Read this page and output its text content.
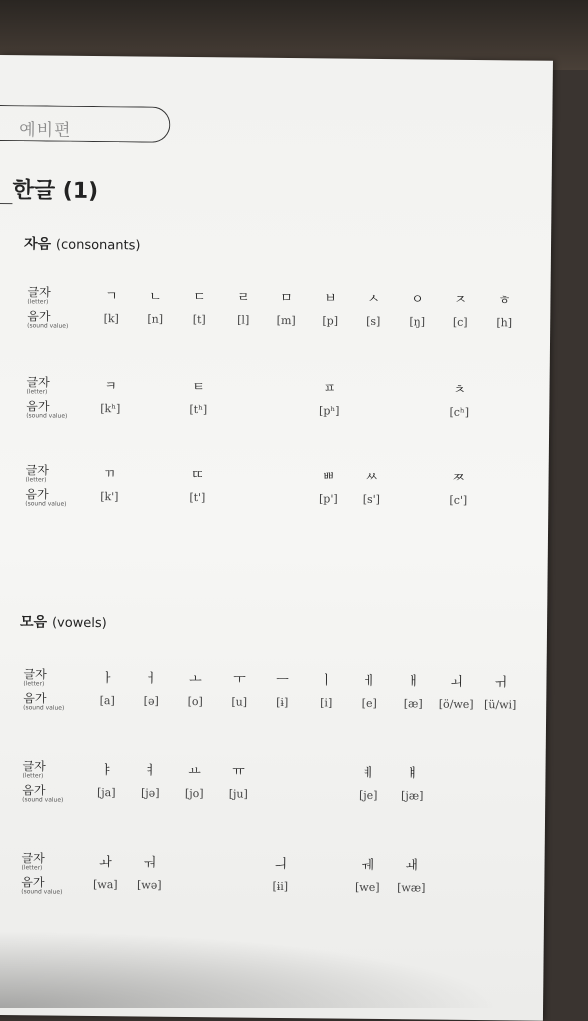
예비편
한글 (1)
자음 (consonants)
모음 (vowels)
글자
(letter)
음가
(sound value)
ㄱ	ㄴ	ㄷ	ㄹ	ㅁ	ㅂ	ㅅ	ㅇ	ㅈ	ㅎ
[k]	[n]	[t]	[l]	[m]	[p]	[s]	[ŋ]	[c]	[h]
글자
(letter)
음가
(sound value)
ㅋ	ㅌ	ㅍ	ㅊ
[kʰ]	[tʰ]	[pʰ]	[cʰ]
글자
(letter)
음가
(sound value)
ㄲ	ㄸ	ㅃ	ㅆ	ㅉ
[k']	[t']	[p']	[s']	[c']
글자
(letter)
음가
(sound value)
ㅏ	ㅓ	ㅗ	ㅜ	ㅡ	ㅣ	ㅔ	ㅐ	ㅚ	ㅟ
[a]	[ə]	[o]	[u]	[ɨ]	[i]	[e]	[æ]	[ö/we] [ü/wi]
글자
(letter)
음가
(sound value)
ㅑ	ㅕ	ㅛ	ㅠ	ㅖ	ㅒ
[ja]	[jə]	[jo]	[ju]	[je]	[jæ]
글자
(letter)
음가
(sound value)
ㅘ	ㅝ	ㅢ	ㅞ	ㅙ
[wa]	[wə]	[ɨi]	[we]	[wæ]
